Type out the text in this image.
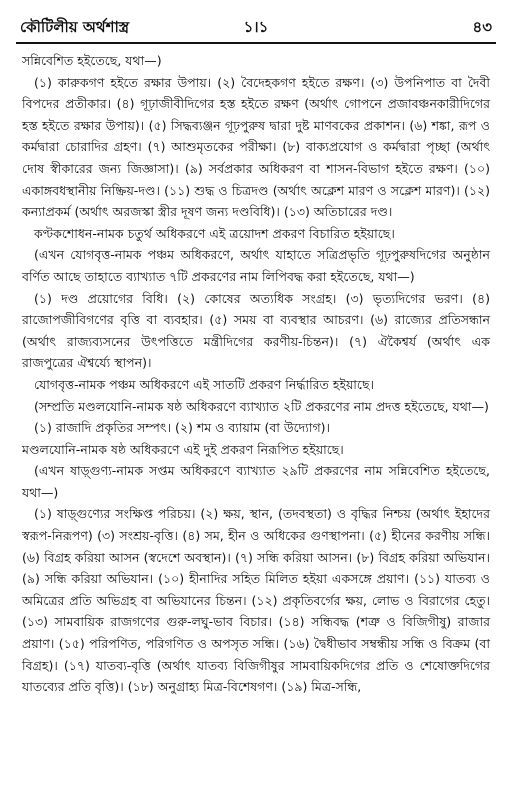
কৌটিলীয় অর্থশাস্ত্র	১।১	৪৩

সন্নিবেশিত হইতেছে, যথা—)

(১) কারুকগণ হইতে রক্ষার উপায়। (২) বৈদেহকগণ হইতে রক্ষণ। (৩) উপনিপাত বা দৈবী বিপদের প্রতীকার। (৪) গূঢ়াজীবীদিগের হস্ত হইতে রক্ষণ (অর্থাৎ গোপনে প্রজাবঞ্চনকারীদিগের হস্ত হইতে রক্ষার উপায়)। (৫) সিদ্ধব্যঞ্জন গূঢ়পুরুষ দ্বারা দুষ্ট মাণবকের প্রকাশন। (৬) শঙ্কা, রূপ ও কর্মদ্বারা চোরাদির গ্রহণ। (৭) আশুমৃতকের পরীক্ষা। (৮) বাক্যপ্রযোগ ও কর্মদ্বারা পৃচ্ছা (অর্থাৎ দোষ স্বীকারের জন্য জিজ্ঞাসা)। (৯) সর্বপ্রকার অধিকরণ বা শাসন-বিভাগ হইতে রক্ষণ। (১০) একাঙ্গবধস্থানীয় নিষ্ক্রিয়-দণ্ড। (১১) শুদ্ধ ও চিত্রদণ্ড (অর্থাৎ অক্লেশ মারণ ও সক্লেশ মারণ)। (১২) কন্যাপ্রকর্ম (অর্থাৎ অরজস্কা স্ত্রীর দূষণ জন্য দণ্ডবিধি)। (১৩) অতিচারের দণ্ড।

কণ্টকশোধন-নামক চতুর্থ অধিকরণে এই ত্রয়োদশ প্রকরণ বিচারিত হইয়াছে।

(এখন যোগবৃত্ত-নামক পঞ্চম অধিকরণে, অর্থাৎ যাহাতে সত্রিপ্রভৃতি গূঢ়পুরুষদিগের অনুষ্ঠান বর্ণিত আছে তাহাতে ব্যাখ্যাত ৭টি প্রকরণের নাম লিপিবদ্ধ করা হইতেছে, যথা—)

(১) দণ্ড প্রয়োগের বিধি। (২) কোষের অত্যধিক সংগ্রহ। (৩) ভৃত্যদিগের ভরণ। (৪) রাজোপজীবিগণের বৃত্তি বা ব্যবহার। (৫) সময় বা ব্যবস্থার আচরণ। (৬) রাজ্যের প্রতিসন্ধান (অর্থাৎ রাজ্যব্যসনের উৎপত্তিতে মন্ত্রীদিগের করণীয়-চিন্তন)। (৭) ঐকৈশ্বর্য (অর্থাৎ এক রাজপুত্রের ঐশ্বর্য্যে স্থাপন)।

যোগবৃত্ত-নামক পঞ্চম অধিকরণে এই সাতটি প্রকরণ নির্দ্ধারিত হইয়াছে।

(সম্প্রতি মণ্ডলযোনি-নামক ষষ্ঠ অধিকরণে ব্যাখ্যাত ২টি প্রকরণের নাম প্রদত্ত হইতেছে, যথা—)

(১) রাজাদি প্রকৃতির সম্পৎ। (২) শম ও ব্যায়াম (বা উদ্যোগ)।

মণ্ডলযোনি-নামক ষষ্ঠ অধিকরণে এই দুই প্রকরণ নিরূপিত হইয়াছে।

(এখন ষাড়্গুণ্য-নামক সপ্তম অধিকরণে ব্যাখ্যাত ২৯টি প্রকরণের নাম সন্নিবেশিত হইতেছে, যথা—)

(১) ষাড়্গুণ্যের সংক্ষিপ্ত পরিচয়। (২) ক্ষয়, স্থান, (তদবস্থতা) ও বৃদ্ধির নিশ্চয় (অর্থাৎ ইহাদের স্বরূপ-নিরূপণ) (৩) সংশ্রয়-বৃত্তি। (৪) সম, হীন ও অধিকের গুণস্থাপনা। (৫) হীনের করণীয় সন্ধি। (৬) বিগ্রহ করিয়া আসন (স্বদেশে অবস্থান)। (৭) সন্ধি করিয়া আসন। (৮) বিগ্রহ করিয়া অভিযান। (৯) সন্ধি করিয়া অভিযান। (১০) হীনাদির সহিত মিলিত হইয়া একসঙ্গে প্রয়াণ। (১১) যাতব্য ও অমিত্রের প্রতি অভিগ্রহ বা অভিযানের চিন্তন। (১২) প্রকৃতিবর্গের ক্ষয়, লোভ ও বিরাগের হেতু। (১৩) সামবায়িক রাজগণের গুরু-লঘু-ভাব বিচার। (১৪) সন্ধিবদ্ধ (শত্রু ও বিজিগীষু) রাজার প্রয়াণ। (১৫) পরিপণিত, পরিগণিত ও অপসৃত সন্ধি। (১৬) দ্বৈধীভাব সম্বন্ধীয় সন্ধি ও বিক্রম (বা বিগ্রহ)। (১৭) যাতব্য-বৃত্তি (অর্থাৎ যাতব্য বিজিগীষুর সামবায়িকদিগের প্রতি ও শেষোক্তদিগের যাতব্যের প্রতি বৃত্তি)। (১৮) অনুগ্রাহ্য মিত্র-বিশেষগণ। (১৯) মিত্র-সন্ধি,
